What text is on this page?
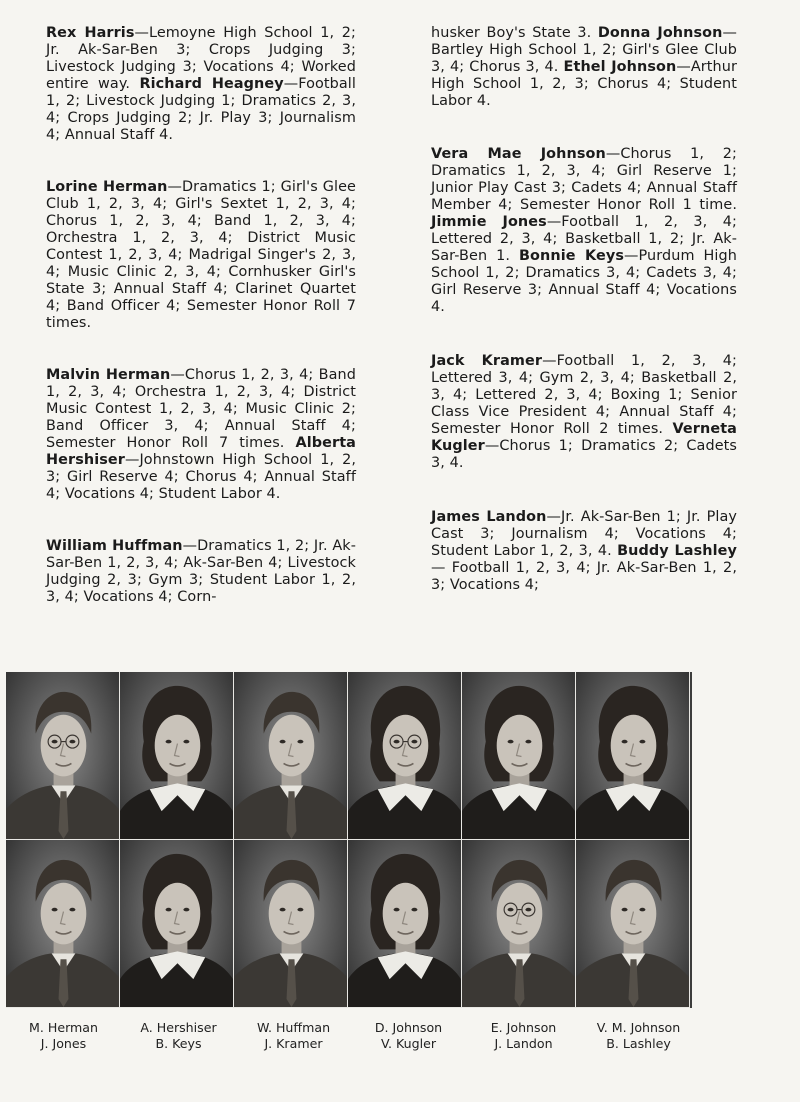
Rex Harris—Lemoyne High School 1, 2; Jr. Ak-Sar-Ben 3; Crops Judging 3; Livestock Judging 3; Vocations 4; Worked entire way. Richard Heagney—Football 1, 2; Livestock Judging 1; Dramatics 2, 3, 4; Crops Judging 2; Jr. Play 3; Journalism 4; Annual Staff 4.
Lorine Herman—Dramatics 1; Girl's Glee Club 1, 2, 3, 4; Girl's Sextet 1, 2, 3, 4; Chorus 1, 2, 3, 4; Band 1, 2, 3, 4; Orchestra 1, 2, 3, 4; District Music Contest 1, 2, 3, 4; Madrigal Singer's 2, 3, 4; Music Clinic 2, 3, 4; Cornhusker Girl's State 3; Annual Staff 4; Clarinet Quartet 4; Band Officer 4; Semester Honor Roll 7 times.
Malvin Herman—Chorus 1, 2, 3, 4; Band 1, 2, 3, 4; Orchestra 1, 2, 3, 4; District Music Contest 1, 2, 3, 4; Music Clinic 2; Band Officer 3, 4; Annual Staff 4; Semester Honor Roll 7 times. Alberta Hershiser—Johnstown High School 1, 2, 3; Girl Reserve 4; Chorus 4; Annual Staff 4; Vocations 4; Student Labor 4.
William Huffman—Dramatics 1, 2; Jr. Ak-Sar-Ben 1, 2, 3, 4; Ak-Sar-Ben 4; Livestock Judging 2, 3; Gym 3; Student Labor 1, 2, 3, 4; Vocations 4; Corn-
husker Boy's State 3. Donna Johnson—Bartley High School 1, 2; Girl's Glee Club 3, 4; Chorus 3, 4. Ethel Johnson—Arthur High School 1, 2, 3; Chorus 4; Student Labor 4.
Vera Mae Johnson—Chorus 1, 2; Dramatics 1, 2, 3, 4; Girl Reserve 1; Junior Play Cast 3; Cadets 4; Annual Staff Member 4; Semester Honor Roll 1 time. Jimmie Jones—Football 1, 2, 3, 4; Lettered 2, 3, 4; Basketball 1, 2; Jr. Ak-Sar-Ben 1. Bonnie Keys—Purdum High School 1, 2; Dramatics 3, 4; Cadets 3, 4; Girl Reserve 3; Annual Staff 4; Vocations 4.
Jack Kramer—Football 1, 2, 3, 4; Lettered 3, 4; Gym 2, 3, 4; Basketball 2, 3, 4; Lettered 2, 3, 4; Boxing 1; Senior Class Vice President 4; Annual Staff 4; Semester Honor Roll 2 times. Verneta Kugler—Chorus 1; Dramatics 2; Cadets 3, 4.
James Landon—Jr. Ak-Sar-Ben 1; Jr. Play Cast 3; Journalism 4; Vocations 4; Student Labor 1, 2, 3, 4. Buddy Lashley— Football 1, 2, 3, 4; Jr. Ak-Sar-Ben 1, 2, 3; Vocations 4;
M. Herman
J. Jones
A. Hershiser
B. Keys
W. Huffman
J. Kramer
D. Johnson
V. Kugler
E. Johnson
J. Landon
V. M. Johnson
B. Lashley
